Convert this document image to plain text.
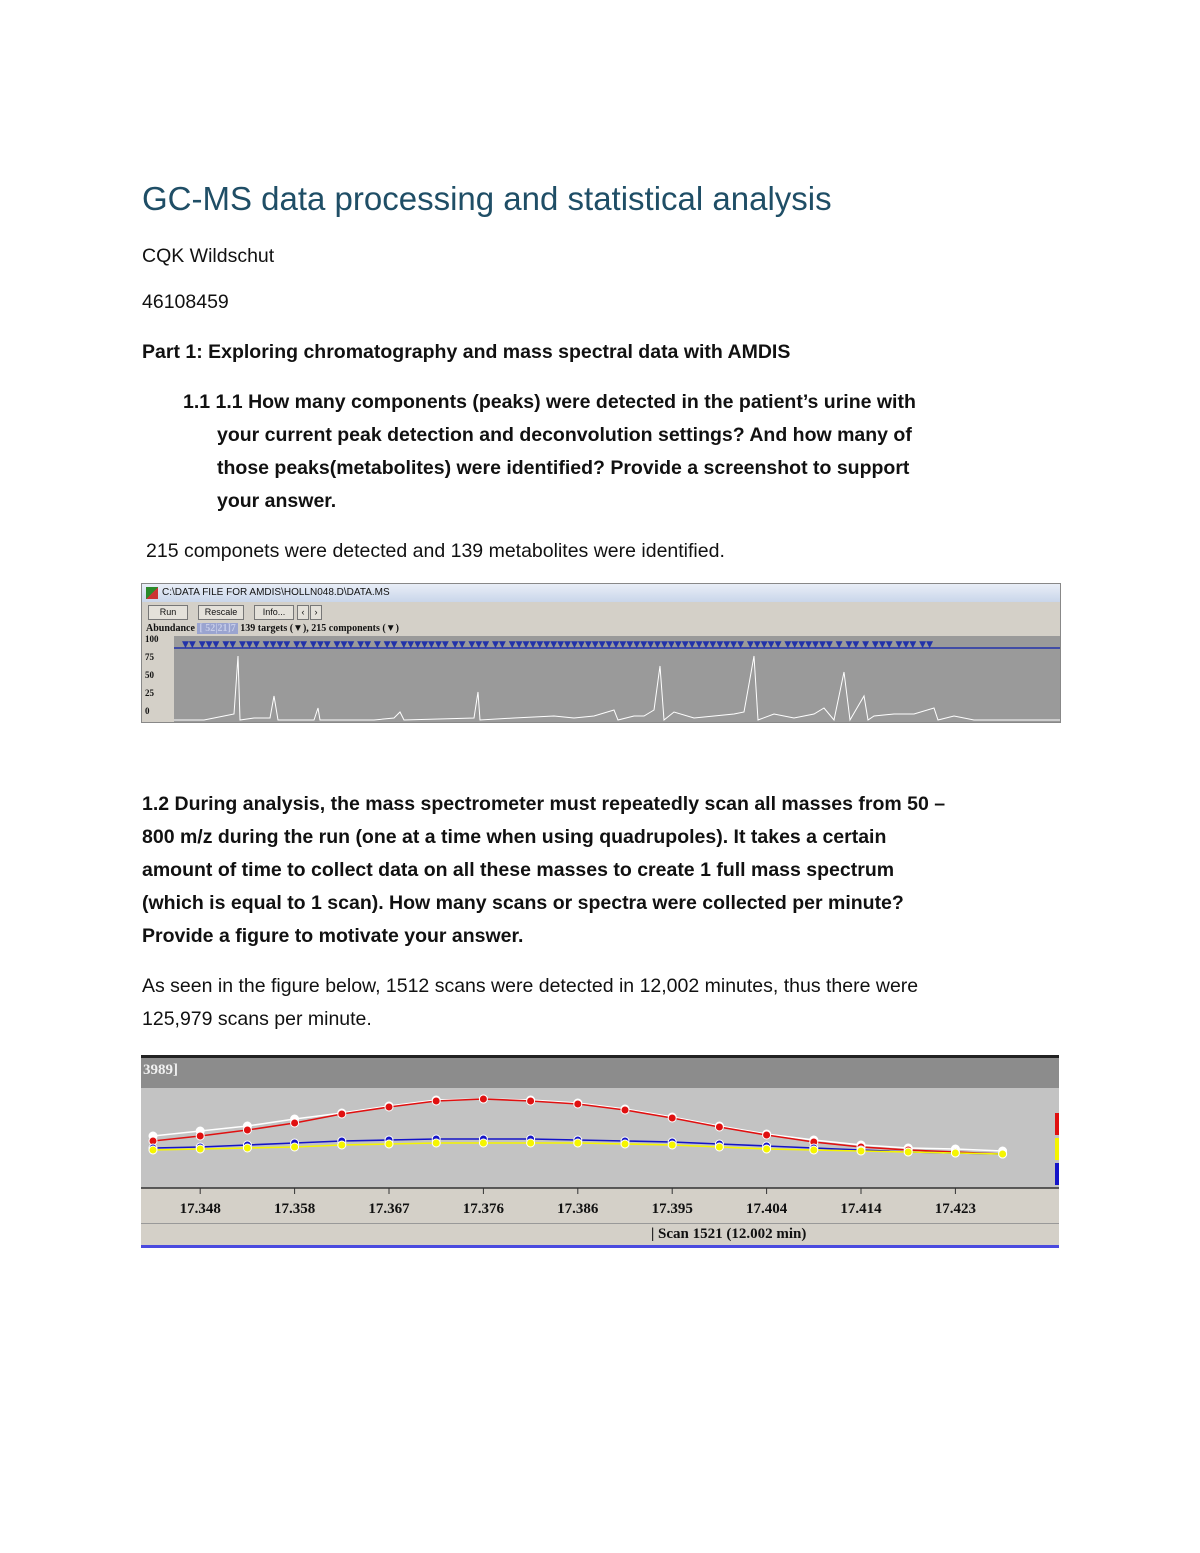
GC-MS data processing and statistical analysis
CQK Wildschut
46108459
Part 1: Exploring chromatography and mass spectral data with AMDIS
1.1 1.1 How many components (peaks) were detected in the patient’s urine with
your current peak detection and deconvolution settings? And how many of
those peaks(metabolites) were identified? Provide a screenshot to support
your answer.
215 componets were detected and 139 metabolites were identified.
C:\DATA FILE FOR AMDIS\HOLLN048.D\DATA.MS
Run	Rescale	Info...	‹	›
Abundance [ 52|21]7 139 targets (▼), 215 components (▼)
100
75
50
25
0
▼▼ ▼▼▼ ▼▼ ▼▼▼ ▼▼▼▼ ▼▼ ▼▼▼ ▼▼▼ ▼▼ ▼ ▼▼ ▼▼▼▼▼▼▼ ▼▼ ▼▼▼ ▼▼ ▼▼▼▼▼▼▼▼▼▼▼▼▼▼▼▼▼▼▼▼▼▼▼▼▼▼▼▼▼▼▼▼▼▼ ▼▼▼▼▼ ▼▼▼▼▼▼▼ ▼ ▼▼ ▼ ▼▼▼ ▼▼▼ ▼▼
1.2 During analysis, the mass spectrometer must repeatedly scan all masses from 50 –
800 m/z during the run (one at a time when using quadrupoles). It takes a certain
amount of time to collect data on all these masses to create 1 full mass spectrum
(which is equal to 1 scan). How many scans or spectra were collected per minute?
Provide a figure to motivate your answer.
As seen in the figure below, 1512 scans were detected in 12,002 minutes, thus there were
125,979 scans per minute.
3989]
17.348	17.358	17.367	17.376	17.386	17.395	17.404	17.414	17.423
| Scan 1521 (12.002 min)
